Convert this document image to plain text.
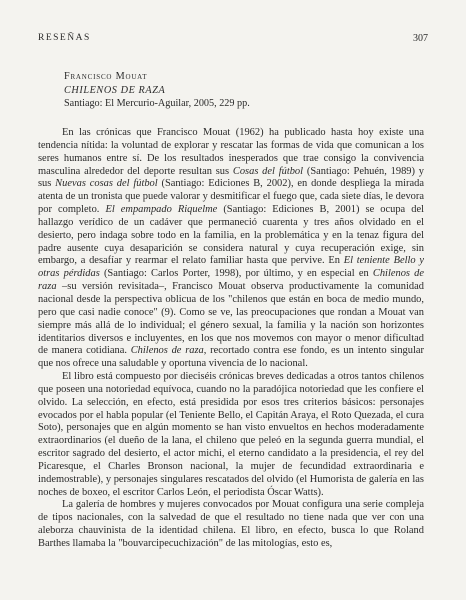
RESEÑAS	307
Francisco Mouat
CHILENOS DE RAZA
Santiago: El Mercurio-Aguilar, 2005, 229 pp.

En las crónicas que Francisco Mouat (1962) ha publicado hasta hoy existe una tendencia nítida: la voluntad de explorar y rescatar las formas de vida que comunican a los seres humanos entre sí. De los resultados inesperados que trae consigo la convivencia masculina alrededor del deporte resultan sus Cosas del fútbol (Santiago: Pehuén, 1989) y sus Nuevas cosas del fútbol (Santiago: Ediciones B, 2002), en donde despliega la mirada atenta de un tronista que puede valorar y desmitificar el fuego que, cada siete días, le devora por completo. El empampado Riquelme (Santiago: Ediciones B, 2001) se ocupa del hallazgo verídico de un cadáver que permaneció cuarenta y tres años olvidado en el desierto, pero indaga sobre todo en la familia, en la problemática y en la tenaz figura del padre ausente cuya desaparición se considera natural y cuya recuperación exige, sin embargo, a desafíar y rearmar el relato familiar hasta que pervive. En El teniente Bello y otras pérdidas (Santiago: Carlos Porter, 1998), por último, y en especial en Chilenos de raza –su versión revisitada–, Francisco Mouat observa productivamente la comunidad nacional desde la perspectiva oblicua de los "chilenos que están en boca de medio mundo, pero que casi nadie conoce" (9). Como se ve, las preocupaciones que rondan a Mouat van siempre más allá de lo individual; el género sexual, la familia y la nación son horizontes identitarios diversos e incluyentes, en los que nos movemos con mayor o menor dificultad de manera cotidiana. Chilenos de raza, recortado contra ese fondo, es un intento singular que nos ofrece una saludable y oportuna vivencia de lo nacional.

El libro está compuesto por dieciséis crónicas breves dedicadas a otros tantos chilenos que poseen una notoriedad equívoca, cuando no la paradójica notoriedad que les confiere el olvido. La selección, en efecto, está presidida por esos tres criterios básicos: personajes evocados por el habla popular (el Teniente Bello, el Capitán Araya, el Roto Quezada, el cura Soto), personajes que en algún momento se han visto envueltos en hechos moderadamente extraordinarios (el dueño de la lana, el chileno que peleó en la segunda guerra mundial, el escritor sagrado del desierto, el actor michi, el eterno candidato a la presidencia, el rey del Picaresque, el Charles Bronson nacional, la mujer de fecundidad extraordinaria e indemostrable), y personajes singulares rescatados del olvido (el Humorista de galería en las noches de boxeo, el escritor Carlos León, el periodista Óscar Watts).

La galería de hombres y mujeres convocados por Mouat configura una serie compleja de tipos nacionales, con la salvedad de que el resultado no tiene nada que ver con una aleborza chauvinista de la identidad chilena. El libro, en efecto, busca lo que Roland Barthes llamaba la "bouvarcipecuchización" de las mitologías, esto es,
